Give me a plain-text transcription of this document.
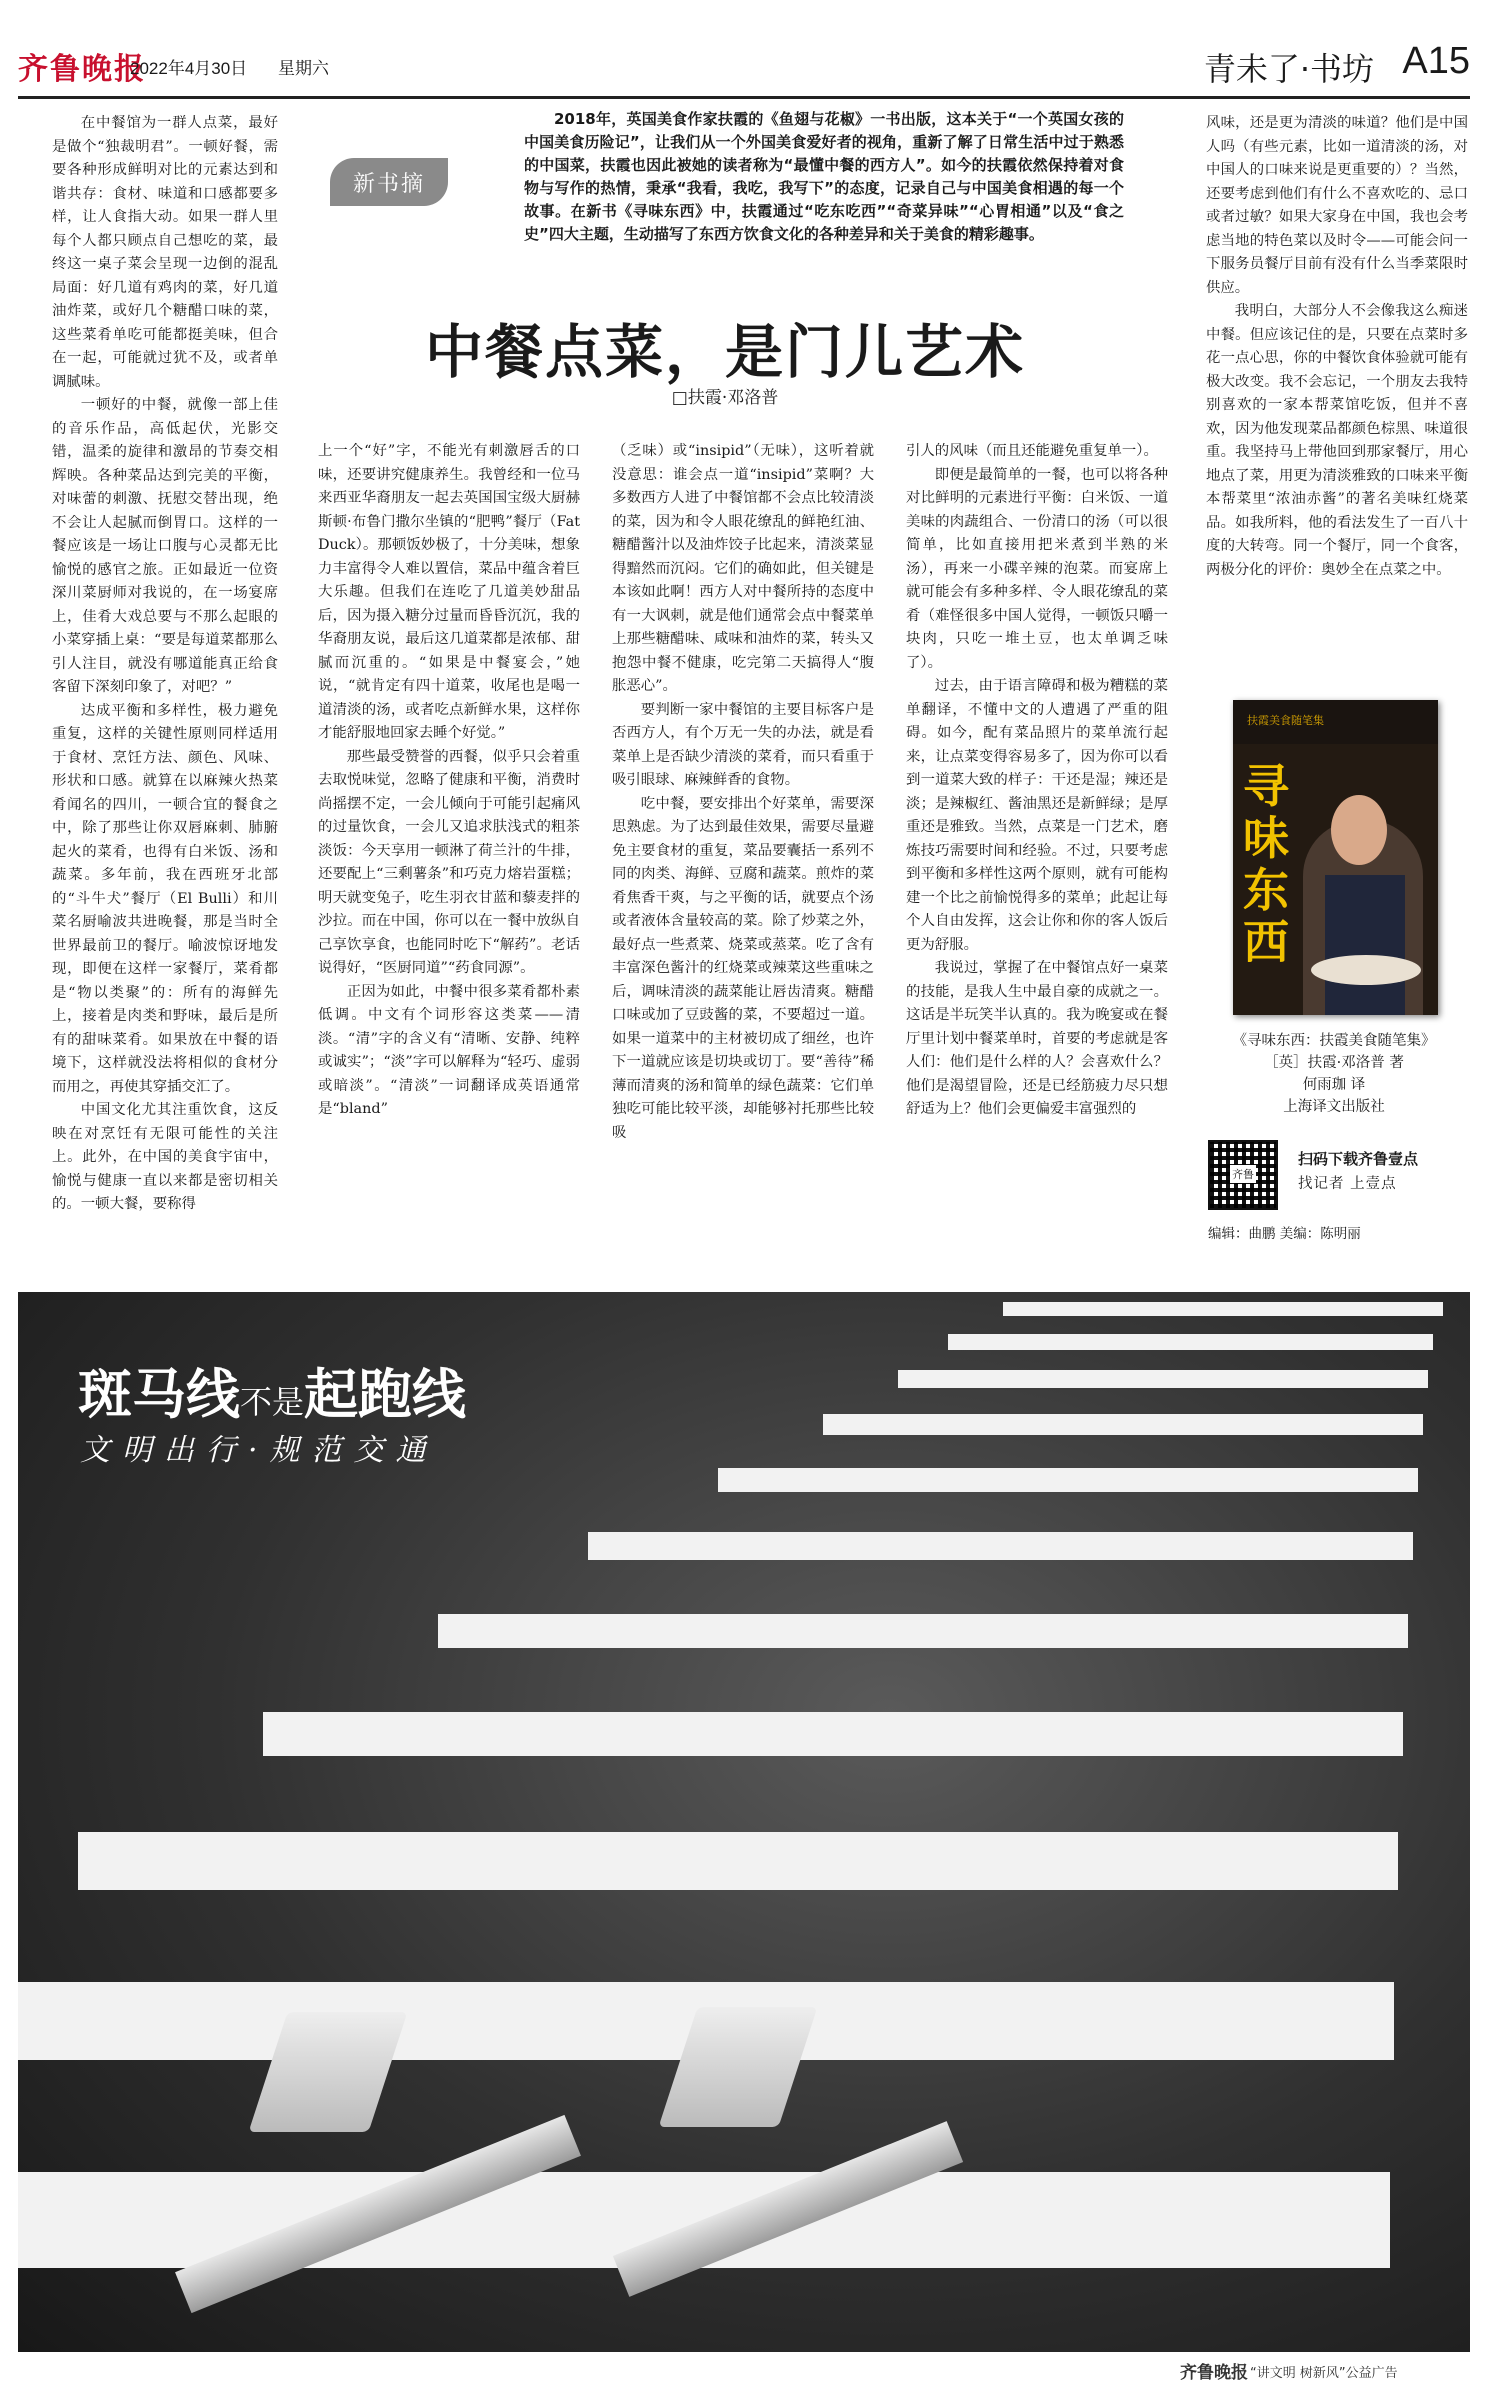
齐鲁晚报
2022年4月30日 星期六	青未了·书坊 A15
新书摘

2018年，英国美食作家扶霞的《鱼翅与花椒》一书出版，这本关于“一个英国女孩的中国美食历险记”，让我们从一个外国美食爱好者的视角，重新了解了日常生活中过于熟悉的中国菜，扶霞也因此被她的读者称为“最懂中餐的西方人”。如今的扶霞依然保持着对食物与写作的热情，秉承“我看，我吃，我写下”的态度，记录自己与中国美食相遇的每一个故事。在新书《寻味东西》中，扶霞通过“吃东吃西”“奇菜异味”“心胃相通”以及“食之史”四大主题，生动描写了东西方饮食文化的各种差异和关于美食的精彩趣事。

中餐点菜，是门儿艺术
□扶霞·邓洛普

在中餐馆为一群人点菜，最好是做个“独裁明君”。一顿好餐，需要各种形成鲜明对比的元素达到和谐共存：食材、味道和口感都要多样，让人食指大动。如果一群人里每个人都只顾点自己想吃的菜，最终这一桌子菜会呈现一边倒的混乱局面：好几道有鸡肉的菜，好几道油炸菜，或好几个糖醋口味的菜，这些菜肴单吃可能都挺美味，但合在一起，可能就过犹不及，或者单调腻味。

一顿好的中餐，就像一部上佳的音乐作品，高低起伏，光影交错，温柔的旋律和激昂的节奏交相辉映。各种菜品达到完美的平衡，对味蕾的刺激、抚慰交替出现，绝不会让人起腻而倒胃口。这样的一餐应该是一场让口腹与心灵都无比愉悦的感官之旅。正如最近一位资深川菜厨师对我说的，在一场宴席上，佳肴大戏总要与不那么起眼的小菜穿插上桌：“要是每道菜都那么引人注目，就没有哪道能真正给食客留下深刻印象了，对吧？”

达成平衡和多样性，极力避免重复，这样的关键性原则同样适用于食材、烹饪方法、颜色、风味、形状和口感。就算在以麻辣火热菜肴闻名的四川，一顿合宜的餐食之中，除了那些让你双唇麻刺、肺腑起火的菜肴，也得有白米饭、汤和蔬菜。多年前，我在西班牙北部的“斗牛犬”餐厅（El Bulli）和川菜名厨喻波共进晚餐，那是当时全世界最前卫的餐厅。喻波惊讶地发现，即便在这样一家餐厅，菜肴都是“物以类聚”的：所有的海鲜先上，接着是肉类和野味，最后是所有的甜味菜肴。如果放在中餐的语境下，这样就没法将相似的食材分而用之，再使其穿插交汇了。

中国文化尤其注重饮食，这反映在对烹饪有无限可能性的关注上。此外，在中国的美食宇宙中，愉悦与健康一直以来都是密切相关的。一顿大餐，要称得

上一个“好”字，不能光有刺激唇舌的口味，还要讲究健康养生。我曾经和一位马来西亚华裔朋友一起去英国国宝级大厨赫斯顿·布鲁门撒尔坐镇的“肥鸭”餐厅（Fat Duck）。那顿饭妙极了，十分美味，想象力丰富得令人难以置信，菜品中蕴含着巨大乐趣。但我们在连吃了几道美妙甜品后，因为摄入糖分过量而昏昏沉沉，我的华裔朋友说，最后这几道菜都是浓郁、甜腻而沉重的。“如果是中餐宴会，”她说，“就肯定有四十道菜，收尾也是喝一道清淡的汤，或者吃点新鲜水果，这样你才能舒服地回家去睡个好觉。”

那些最受赞誉的西餐，似乎只会着重去取悦味觉，忽略了健康和平衡，消费时尚摇摆不定，一会儿倾向于可能引起痛风的过量饮食，一会儿又追求肤浅式的粗茶淡饭：今天享用一顿淋了荷兰汁的牛排，还要配上“三剩薯条”和巧克力熔岩蛋糕；明天就变兔子，吃生羽衣甘蓝和藜麦拌的沙拉。而在中国，你可以在一餐中放纵自己享饮享食，也能同时吃下“解药”。老话说得好，“医厨同道”“药食同源”。

正因为如此，中餐中很多菜肴都朴素低调。中文有个词形容这类菜——清淡。“清”字的含义有“清晰、安静、纯粹或诚实”；“淡”字可以解释为“轻巧、虚弱或暗淡”。“清淡”一词翻译成英语通常是“bland”

（乏味）或“insipid”（无味），这听着就没意思：谁会点一道“insipid”菜啊？大多数西方人进了中餐馆都不会点比较清淡的菜，因为和令人眼花缭乱的鲜艳红油、糖醋酱汁以及油炸饺子比起来，清淡菜显得黯然而沉闷。它们的确如此，但关键是本该如此啊！西方人对中餐所持的态度中有一大讽刺，就是他们通常会点中餐菜单上那些糖醋味、咸味和油炸的菜，转头又抱怨中餐不健康，吃完第二天搞得人“腹胀恶心”。

要判断一家中餐馆的主要目标客户是否西方人，有个万无一失的办法，就是看菜单上是否缺少清淡的菜肴，而只看重于吸引眼球、麻辣鲜香的食物。

吃中餐，要安排出个好菜单，需要深思熟虑。为了达到最佳效果，需要尽量避免主要食材的重复，菜品要囊括一系列不同的肉类、海鲜、豆腐和蔬菜。煎炸的菜肴焦香干爽，与之平衡的话，就要点个汤或者液体含量较高的菜。除了炒菜之外，最好点一些煮菜、烧菜或蒸菜。吃了含有丰富深色酱汁的红烧菜或辣菜这些重味之后，调味清淡的蔬菜能让唇齿清爽。糖醋口味或加了豆豉酱的菜，不要超过一道。如果一道菜中的主材被切成了细丝，也许下一道就应该是切块或切丁。要“善待”稀薄而清爽的汤和简单的绿色蔬菜：它们单独吃可能比较平淡，却能够衬托那些比较吸

引人的风味（而且还能避免重复单一）。

即便是最简单的一餐，也可以将各种对比鲜明的元素进行平衡：白米饭、一道美味的肉蔬组合、一份清口的汤（可以很简单，比如直接用把米煮到半熟的米汤），再来一小碟辛辣的泡菜。而宴席上就可能会有多种多样、令人眼花缭乱的菜肴（难怪很多中国人觉得，一顿饭只嚼一块肉，只吃一堆土豆，也太单调乏味了）。

过去，由于语言障碍和极为糟糕的菜单翻译，不懂中文的人遭遇了严重的阻碍。如今，配有菜品照片的菜单流行起来，让点菜变得容易多了，因为你可以看到一道菜大致的样子：干还是湿；辣还是淡；是辣椒红、酱油黑还是新鲜绿；是厚重还是雅致。当然，点菜是一门艺术，磨炼技巧需要时间和经验。不过，只要考虑到平衡和多样性这两个原则，就有可能构建一个比之前愉悦得多的菜单；此起让每个人自由发挥，这会让你和你的客人饭后更为舒服。

我说过，掌握了在中餐馆点好一桌菜的技能，是我人生中最自豪的成就之一。这话是半玩笑半认真的。我为晚宴或在餐厅里计划中餐菜单时，首要的考虑就是客人们：他们是什么样的人？会喜欢什么？他们是渴望冒险，还是已经筋疲力尽只想舒适为上？他们会更偏爱丰富强烈的

风味，还是更为清淡的味道？他们是中国人吗（有些元素，比如一道清淡的汤，对中国人的口味来说是更重要的）？当然，还要考虑到他们有什么不喜欢吃的、忌口或者过敏？如果大家身在中国，我也会考虑当地的特色菜以及时令——可能会问一下服务员餐厅目前有没有什么当季菜限时供应。

我明白，大部分人不会像我这么痴迷中餐。但应该记住的是，只要在点菜时多花一点心思，你的中餐饮食体验就可能有极大改变。我不会忘记，一个朋友去我特别喜欢的一家本帮菜馆吃饭，但并不喜欢，因为他发现菜品都颜色棕黑、味道很重。我坚持马上带他回到那家餐厅，用心地点了菜，用更为清淡雅致的口味来平衡本帮菜里“浓油赤酱”的著名美味红烧菜品。如我所料，他的看法发生了一百八十度的大转弯。同一个餐厅，同一个食客，两极分化的评价：奥妙全在点菜之中。

扶霞美食随笔集
寻味东西
《寻味东西：扶霞美食随笔集》
［英］扶霞·邓洛普 著
何雨珈 译
上海译文出版社
齐鲁
扫码下载齐鲁壹点
找记者 上壹点
编辑：曲鹏 美编：陈明丽
斑马线不是起跑线
文明出行·规范交通
齐鲁晚报 “讲文明 树新风”公益广告
